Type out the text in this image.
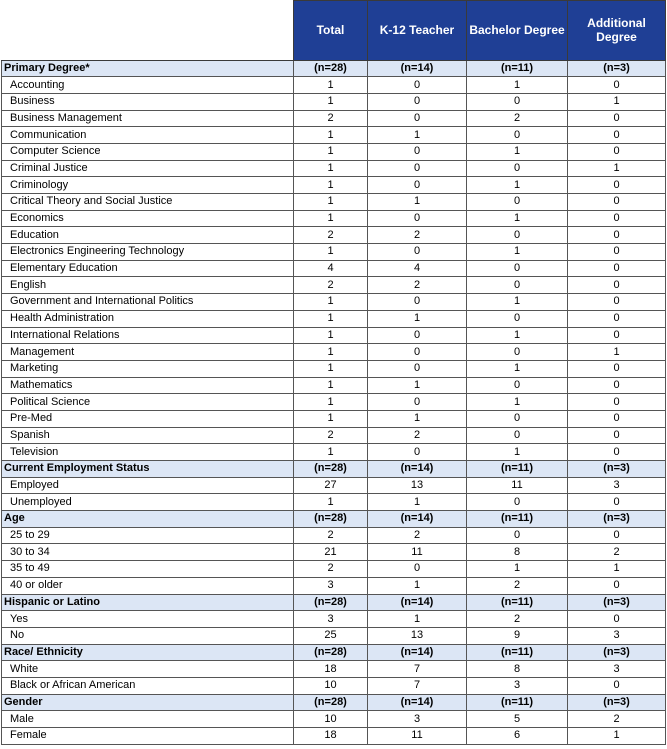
	Total	K-12 Teacher	Bachelor Degree	Additional Degree
Primary Degree*	(n=28)	(n=14)	(n=11)	(n=3)
Accounting	1	0	1	0
Business	1	0	0	1
Business Management	2	0	2	0
Communication	1	1	0	0
Computer Science	1	0	1	0
Criminal Justice	1	0	0	1
Criminology	1	0	1	0
Critical Theory and Social Justice	1	1	0	0
Economics	1	0	1	0
Education	2	2	0	0
Electronics Engineering Technology	1	0	1	0
Elementary Education	4	4	0	0
English	2	2	0	0
Government and International Politics	1	0	1	0
Health Administration	1	1	0	0
International Relations	1	0	1	0
Management	1	0	0	1
Marketing	1	0	1	0
Mathematics	1	1	0	0
Political Science	1	0	1	0
Pre-Med	1	1	0	0
Spanish	2	2	0	0
Television	1	0	1	0
Current Employment Status	(n=28)	(n=14)	(n=11)	(n=3)
Employed	27	13	11	3
Unemployed	1	1	0	0
Age	(n=28)	(n=14)	(n=11)	(n=3)
25 to 29	2	2	0	0
30 to 34	21	11	8	2
35 to 49	2	0	1	1
40 or older	3	1	2	0
Hispanic or Latino	(n=28)	(n=14)	(n=11)	(n=3)
Yes	3	1	2	0
No	25	13	9	3
Race/ Ethnicity	(n=28)	(n=14)	(n=11)	(n=3)
White	18	7	8	3
Black or African American	10	7	3	0
Gender	(n=28)	(n=14)	(n=11)	(n=3)
Male	10	3	5	2
Female	18	11	6	1
